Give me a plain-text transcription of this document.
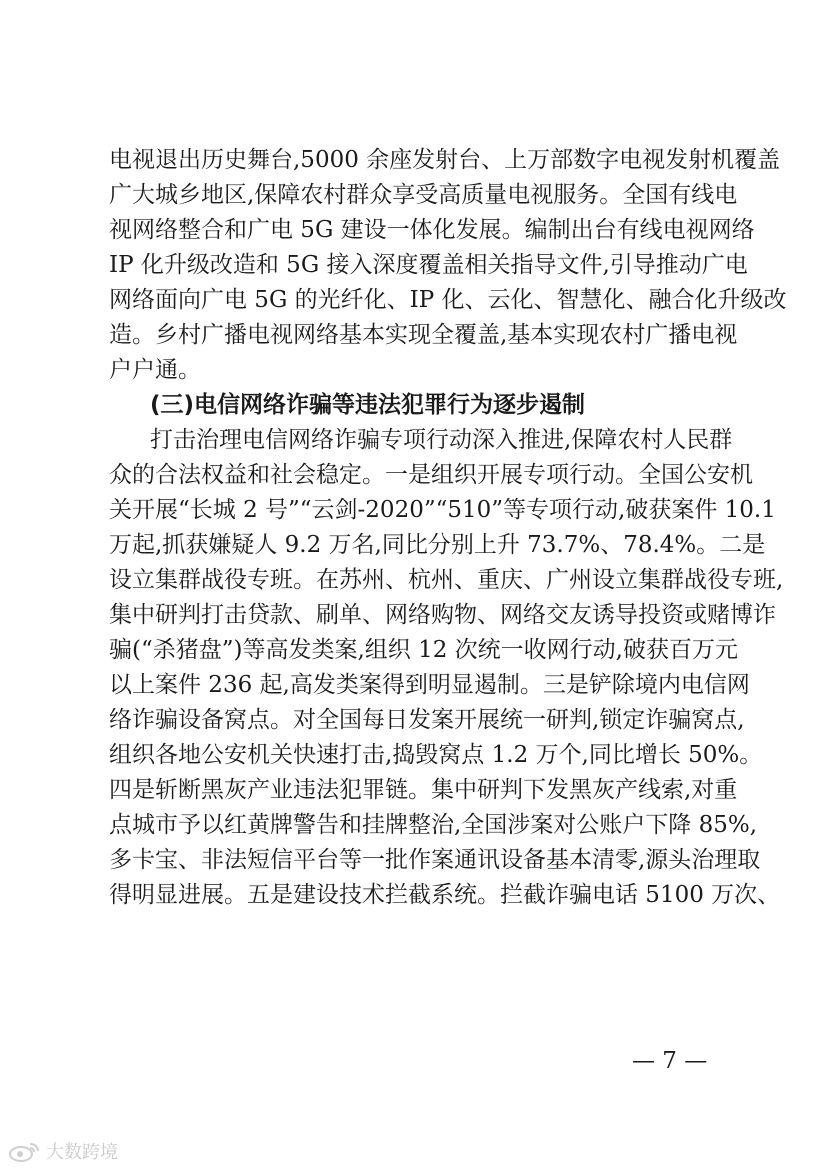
电视退出历史舞台,5000 余座发射台、上万部数字电视发射机覆盖
广大城乡地区,保障农村群众享受高质量电视服务。全国有线电
视网络整合和广电 5G 建设一体化发展。编制出台有线电视网络
IP 化升级改造和 5G 接入深度覆盖相关指导文件,引导推动广电
网络面向广电 5G 的光纤化、IP 化、云化、智慧化、融合化升级改
造。乡村广播电视网络基本实现全覆盖,基本实现农村广播电视
户户通。
(三)电信网络诈骗等违法犯罪行为逐步遏制
打击治理电信网络诈骗专项行动深入推进,保障农村人民群
众的合法权益和社会稳定。一是组织开展专项行动。全国公安机
关开展“长城 2 号”“云剑-2020”“510”等专项行动,破获案件 10.1
万起,抓获嫌疑人 9.2 万名,同比分别上升 73.7%、78.4%。二是
设立集群战役专班。在苏州、杭州、重庆、广州设立集群战役专班,
集中研判打击贷款、刷单、网络购物、网络交友诱导投资或赌博诈
骗(“杀猪盘”)等高发类案,组织 12 次统一收网行动,破获百万元
以上案件 236 起,高发类案得到明显遏制。三是铲除境内电信网
络诈骗设备窝点。对全国每日发案开展统一研判,锁定诈骗窝点,
组织各地公安机关快速打击,捣毁窝点 1.2 万个,同比增长 50%。
四是斩断黑灰产业违法犯罪链。集中研判下发黑灰产线索,对重
点城市予以红黄牌警告和挂牌整治,全国涉案对公账户下降 85%,
多卡宝、非法短信平台等一批作案通讯设备基本清零,源头治理取
得明显进展。五是建设技术拦截系统。拦截诈骗电话 5100 万次、
— 7 —
大数跨境
